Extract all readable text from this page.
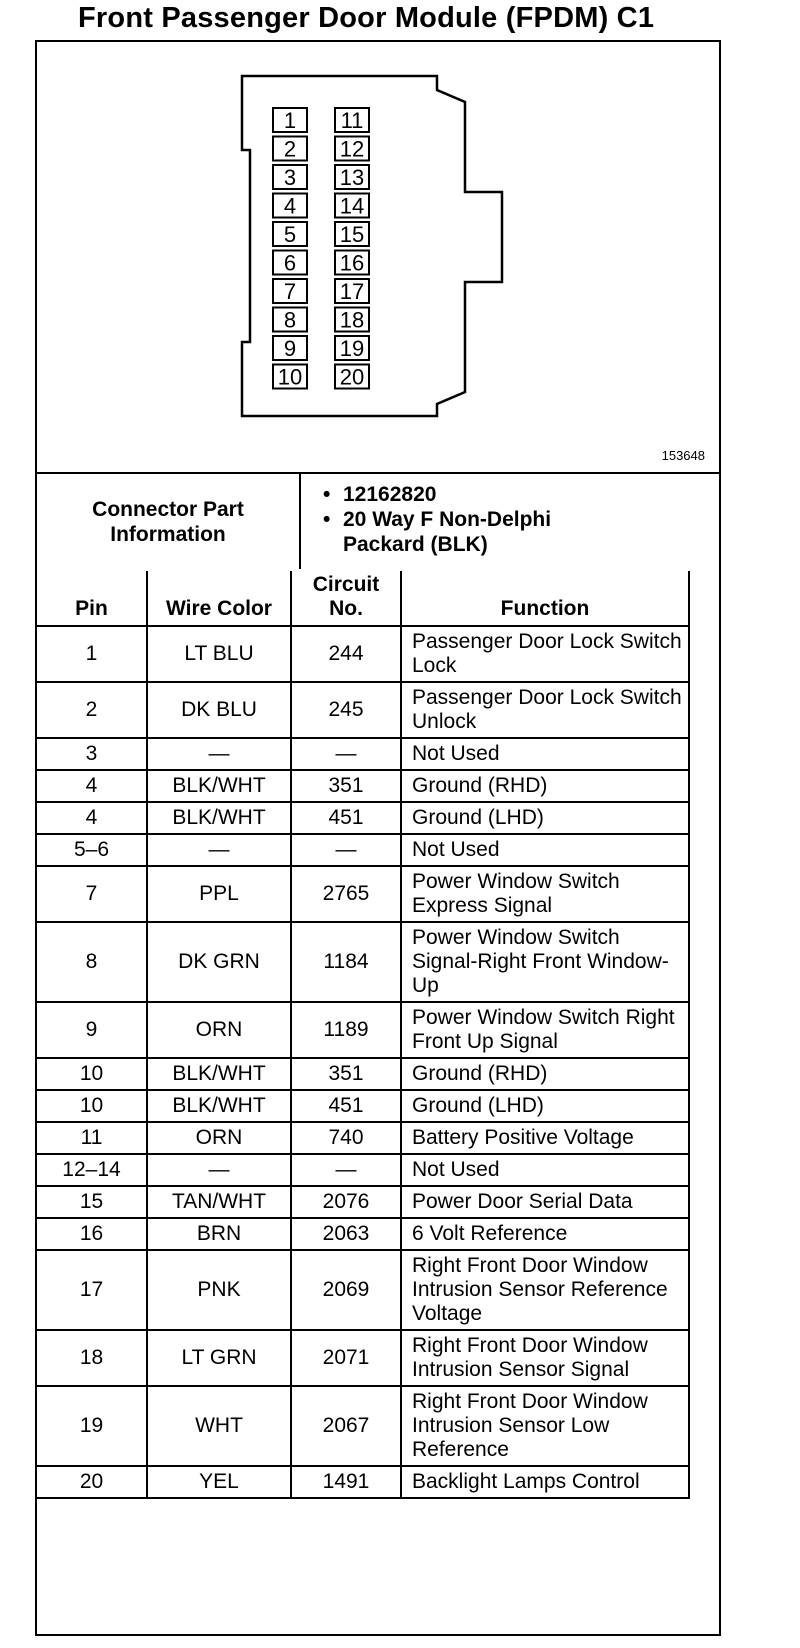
Front Passenger Door Module (FPDM) C1
1
2
3
4
5
6
7
8
9
10
11
12
13
14
15
16
17
18
19
20
153648
Connector Part Information
• 12162820
• 20 Way F Non-Delphi Packard (BLK)
Pin	Wire Color	Circuit No.	Function
1	LT BLU	244	Passenger Door Lock Switch Lock
2	DK BLU	245	Passenger Door Lock Switch Unlock
3	—	—	Not Used
4	BLK/WHT	351	Ground (RHD)
4	BLK/WHT	451	Ground (LHD)
5–6	—	—	Not Used
7	PPL	2765	Power Window Switch Express Signal
8	DK GRN	1184	Power Window Switch Signal-Right Front Window-Up
9	ORN	1189	Power Window Switch Right Front Up Signal
10	BLK/WHT	351	Ground (RHD)
10	BLK/WHT	451	Ground (LHD)
11	ORN	740	Battery Positive Voltage
12–14	—	—	Not Used
15	TAN/WHT	2076	Power Door Serial Data
16	BRN	2063	6 Volt Reference
17	PNK	2069	Right Front Door Window Intrusion Sensor Reference Voltage
18	LT GRN	2071	Right Front Door Window Intrusion Sensor Signal
19	WHT	2067	Right Front Door Window Intrusion Sensor Low Reference
20	YEL	1491	Backlight Lamps Control
